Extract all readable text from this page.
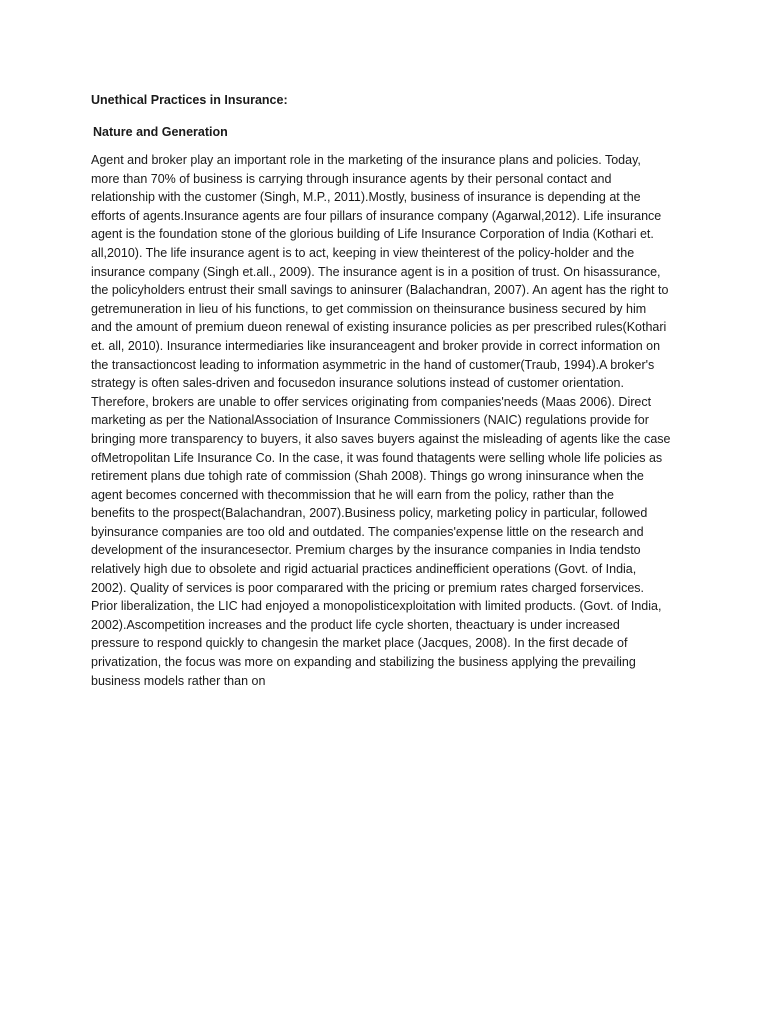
Unethical Practices in Insurance:

Nature and Generation

Agent and broker play an important role in the marketing of the insurance plans and policies. Today,

more than 70% of business is carrying through insurance agents by their personal contact and

relationship with the customer (Singh, M.P., 2011).Mostly, business of insurance is depending at the

efforts of agents.Insurance agents are four pillars of insurance company (Agarwal,2012). Life insurance

agent is the foundation stone of the glorious building of Life Insurance Corporation of India (Kothari et.

all,2010). The life insurance agent is to act, keeping in view theinterest of the policy-holder and the

insurance company (Singh et.all., 2009). The insurance agent is in a position of trust. On hisassurance,

the policyholders entrust their small savings to aninsurer (Balachandran, 2007). An agent has the right to

getremuneration in lieu of his functions, to get commission on theinsurance business secured by him

and the amount of premium dueon renewal of existing insurance policies as per prescribed rules(Kothari

et. all, 2010). Insurance intermediaries like insuranceagent and broker provide in correct information on

the transactioncost leading to information asymmetric in the hand of customer(Traub, 1994).A broker's

strategy is often sales-driven and focusedon insurance solutions instead of customer orientation.

Therefore, brokers are unable to offer services originating from companies'needs (Maas 2006). Direct

marketing as per the NationalAssociation of Insurance Commissioners (NAIC) regulations provide for

bringing more transparency to buyers, it also saves buyers against the misleading of agents like the case

ofMetropolitan Life Insurance Co. In the case, it was found thatagents were selling whole life policies as

retirement plans due tohigh rate of commission (Shah 2008). Things go wrong ininsurance when the

agent becomes concerned with thecommission that he will earn from the policy, rather than the

benefits to the prospect(Balachandran, 2007).Business policy, marketing policy in particular, followed

byinsurance companies are too old and outdated. The companies'expense little on the research and

development of the insurancesector. Premium charges by the insurance companies in India tendsto

relatively high due to obsolete and rigid actuarial practices andinefficient operations (Govt. of India,

2002). Quality of services is poor comparared with the pricing or premium rates charged forservices.

Prior liberalization, the LIC had enjoyed a monopolisticexploitation with limited products. (Govt. of India,

2002).Ascompetition increases and the product life cycle shorten, theactuary is under increased

pressure to respond quickly to changesin the market place (Jacques, 2008). In the first decade of

privatization, the focus was more on expanding and stabilizing the business applying the prevailing

business models rather than on
